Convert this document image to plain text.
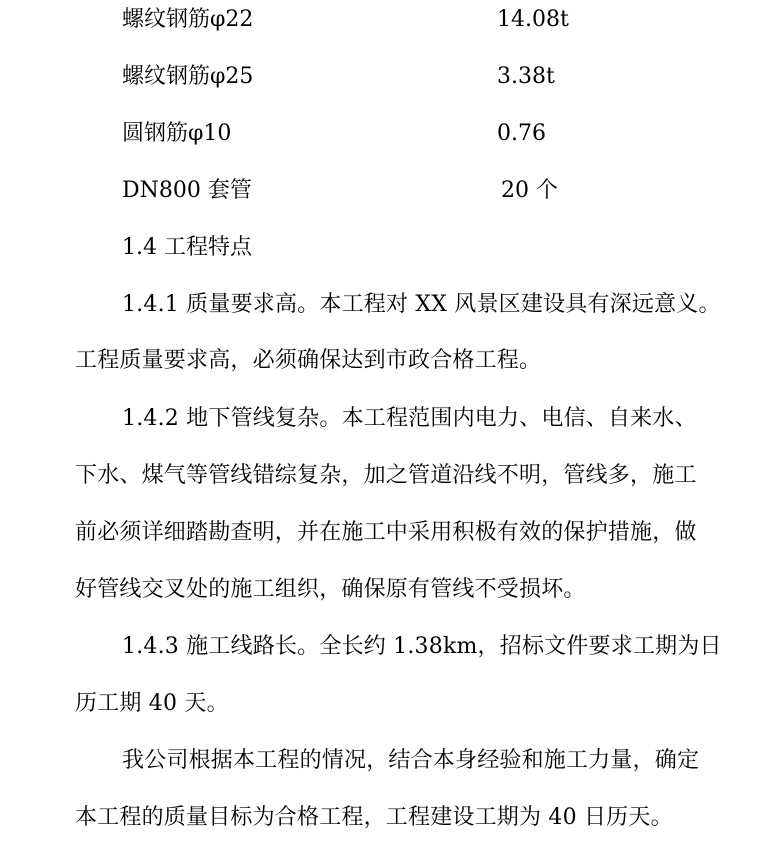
螺纹钢筋φ22	14.08t
螺纹钢筋φ25	3.38t
圆钢筋φ10	0.76
DN800 套管	20 个
1.4 工程特点
1.4.1 质量要求高。本工程对 XX 风景区建设具有深远意义。
工程质量要求高，必须确保达到市政合格工程。
1.4.2 地下管线复杂。本工程范围内电力、电信、自来水、
下水、煤气等管线错综复杂，加之管道沿线不明，管线多，施工
前必须详细踏勘查明，并在施工中采用积极有效的保护措施，做
好管线交叉处的施工组织，确保原有管线不受损坏。
1.4.3 施工线路长。全长约 1.38km，招标文件要求工期为日
历工期 40 天。
我公司根据本工程的情况，结合本身经验和施工力量，确定
本工程的质量目标为合格工程，工程建设工期为 40 日历天。
